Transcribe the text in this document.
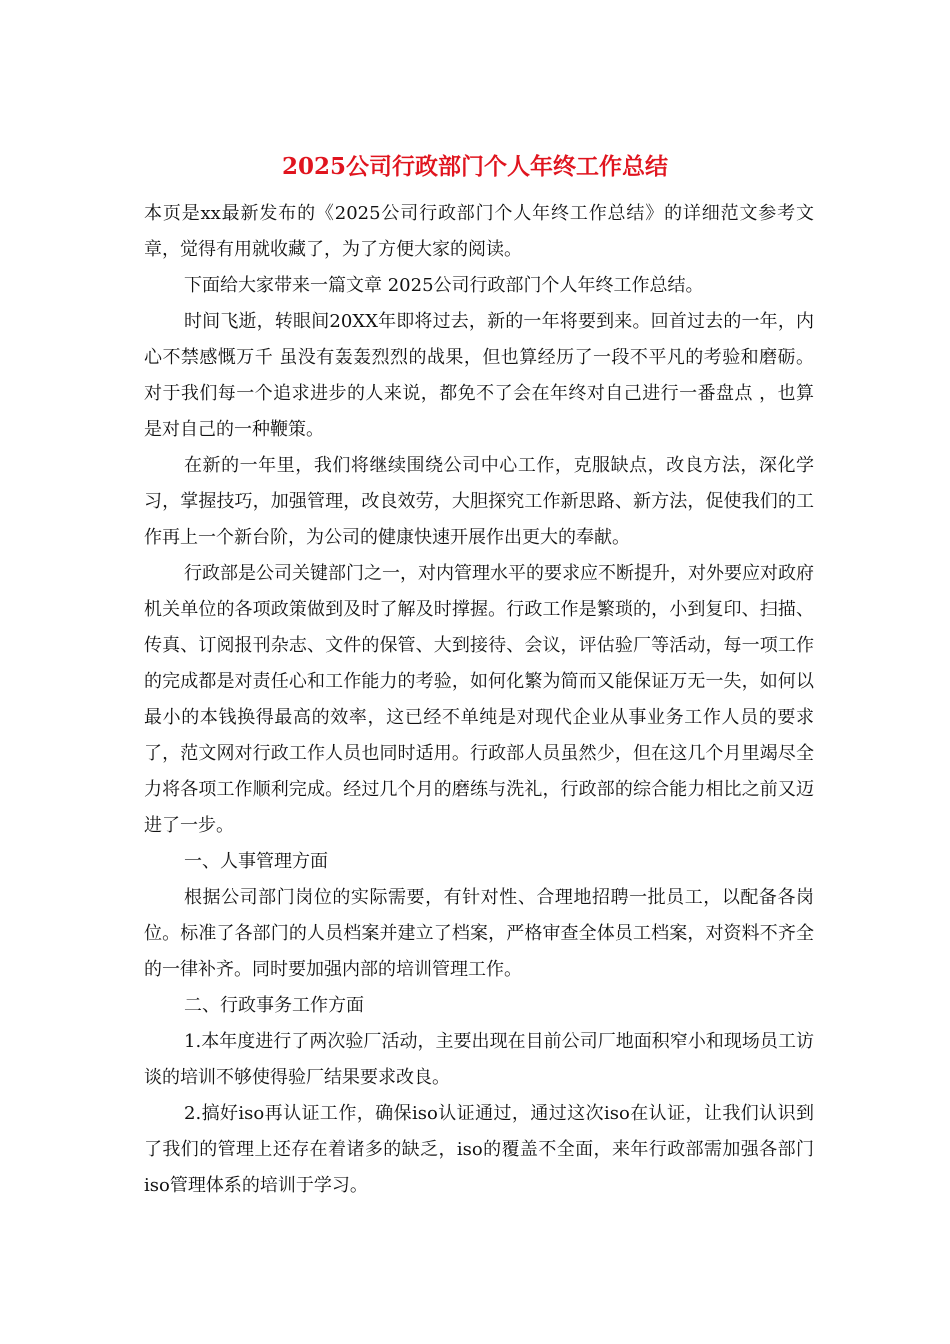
2025公司行政部门个人年终工作总结

本页是xx最新发布的《2025公司行政部门个人年终工作总结》的详细范文参考文章，觉得有用就收藏了，为了方便大家的阅读。

下面给大家带来一篇文章 2025公司行政部门个人年终工作总结。

时间飞逝，转眼间20XX年即将过去，新的一年将要到来。回首过去的一年，内心不禁感慨万千 虽没有轰轰烈烈的战果，但也算经历了一段不平凡的考验和磨砺。对于我们每一个追求进步的人来说，都免不了会在年终对自己进行一番盘点 ，也算是对自己的一种鞭策。

在新的一年里，我们将继续围绕公司中心工作，克服缺点，改良方法，深化学习，掌握技巧，加强管理，改良效劳，大胆探究工作新思路、新方法，促使我们的工作再上一个新台阶，为公司的健康快速开展作出更大的奉献。

行政部是公司关键部门之一，对内管理水平的要求应不断提升，对外要应对政府机关单位的各项政策做到及时了解及时撑握。行政工作是繁琐的，小到复印、扫描、传真、订阅报刊杂志、文件的保管、大到接待、会议，评估验厂等活动，每一项工作的完成都是对责任心和工作能力的考验，如何化繁为简而又能保证万无一失，如何以最小的本钱换得最高的效率，这已经不单纯是对现代企业从事业务工作人员的要求了，范文网对行政工作人员也同时适用。行政部人员虽然少，但在这几个月里竭尽全力将各项工作顺利完成。经过几个月的磨练与洗礼，行政部的综合能力相比之前又迈进了一步。

一、人事管理方面

根据公司部门岗位的实际需要，有针对性、合理地招聘一批员工，以配备各岗位。标准了各部门的人员档案并建立了档案，严格审查全体员工档案，对资料不齐全的一律补齐。同时要加强内部的培训管理工作。

二、行政事务工作方面

1.本年度进行了两次验厂活动，主要出现在目前公司厂地面积窄小和现场员工访谈的培训不够使得验厂结果要求改良。

2.搞好iso再认证工作，确保iso认证通过，通过这次iso在认证，让我们认识到了我们的管理上还存在着诸多的缺乏，iso的覆盖不全面，来年行政部需加强各部门iso管理体系的培训于学习。
